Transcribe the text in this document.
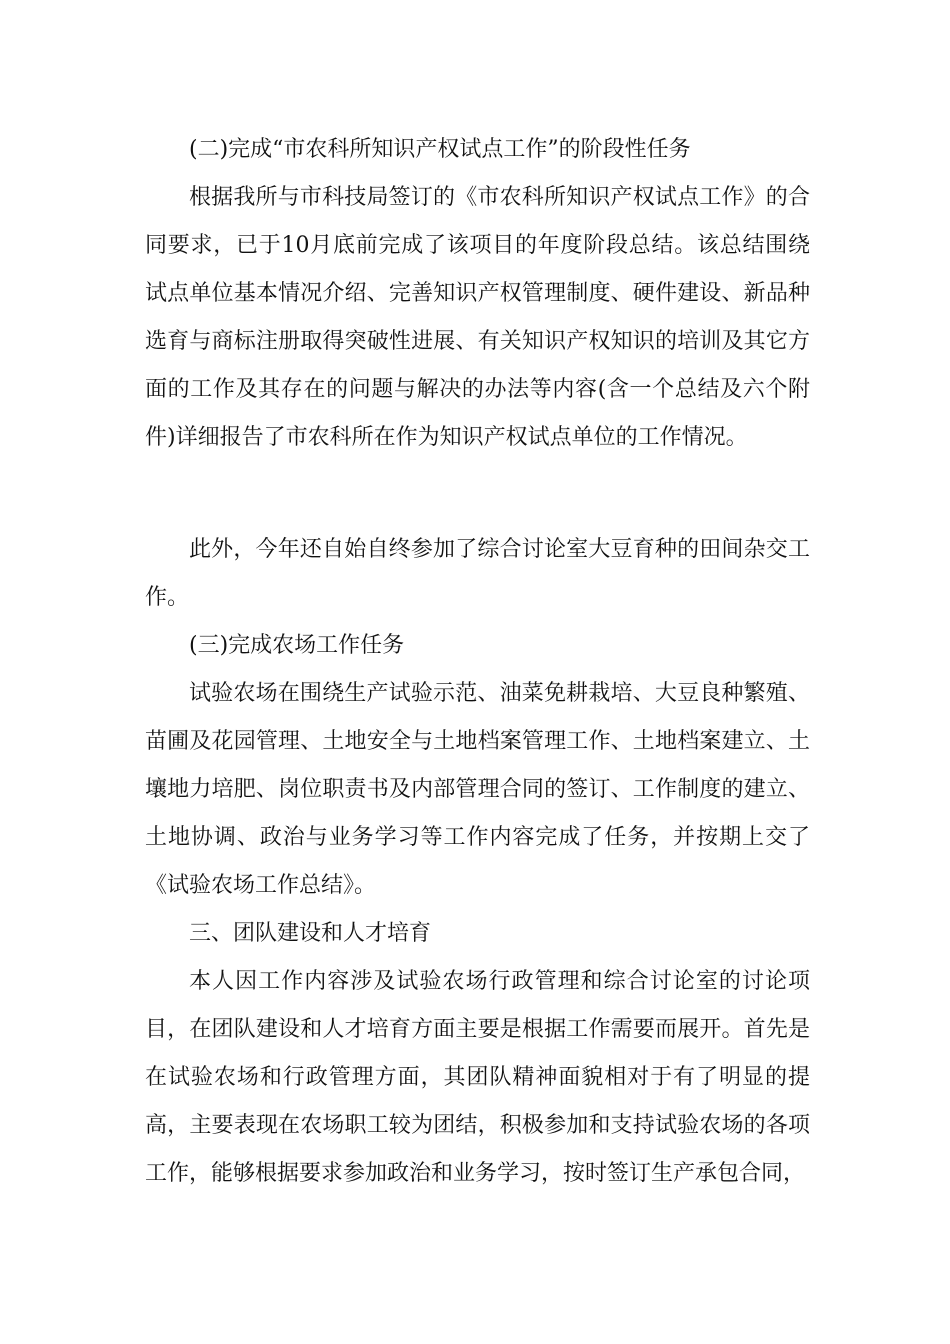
(二)完成“市农科所知识产权试点工作”的阶段性任务

根据我所与市科技局签订的《市农科所知识产权试点工作》的合同要求，已于10月底前完成了该项目的年度阶段总结。该总结围绕试点单位基本情况介绍、完善知识产权管理制度、硬件建设、新品种选育与商标注册取得突破性进展、有关知识产权知识的培训及其它方面的工作及其存在的问题与解决的办法等内容(含一个总结及六个附件)详细报告了市农科所在作为知识产权试点单位的工作情况。

此外，今年还自始自终参加了综合讨论室大豆育种的田间杂交工作。

(三)完成农场工作任务

试验农场在围绕生产试验示范、油菜免耕栽培、大豆良种繁殖、苗圃及花园管理、土地安全与土地档案管理工作、土地档案建立、土壤地力培肥、岗位职责书及内部管理合同的签订、工作制度的建立、土地协调、政治与业务学习等工作内容完成了任务，并按期上交了《试验农场工作总结》。

三、团队建设和人才培育

本人因工作内容涉及试验农场行政管理和综合讨论室的讨论项目，在团队建设和人才培育方面主要是根据工作需要而展开。首先是在试验农场和行政管理方面，其团队精神面貌相对于有了明显的提高，主要表现在农场职工较为团结，积极参加和支持试验农场的各项工作，能够根据要求参加政治和业务学习，按时签订生产承包合同，
